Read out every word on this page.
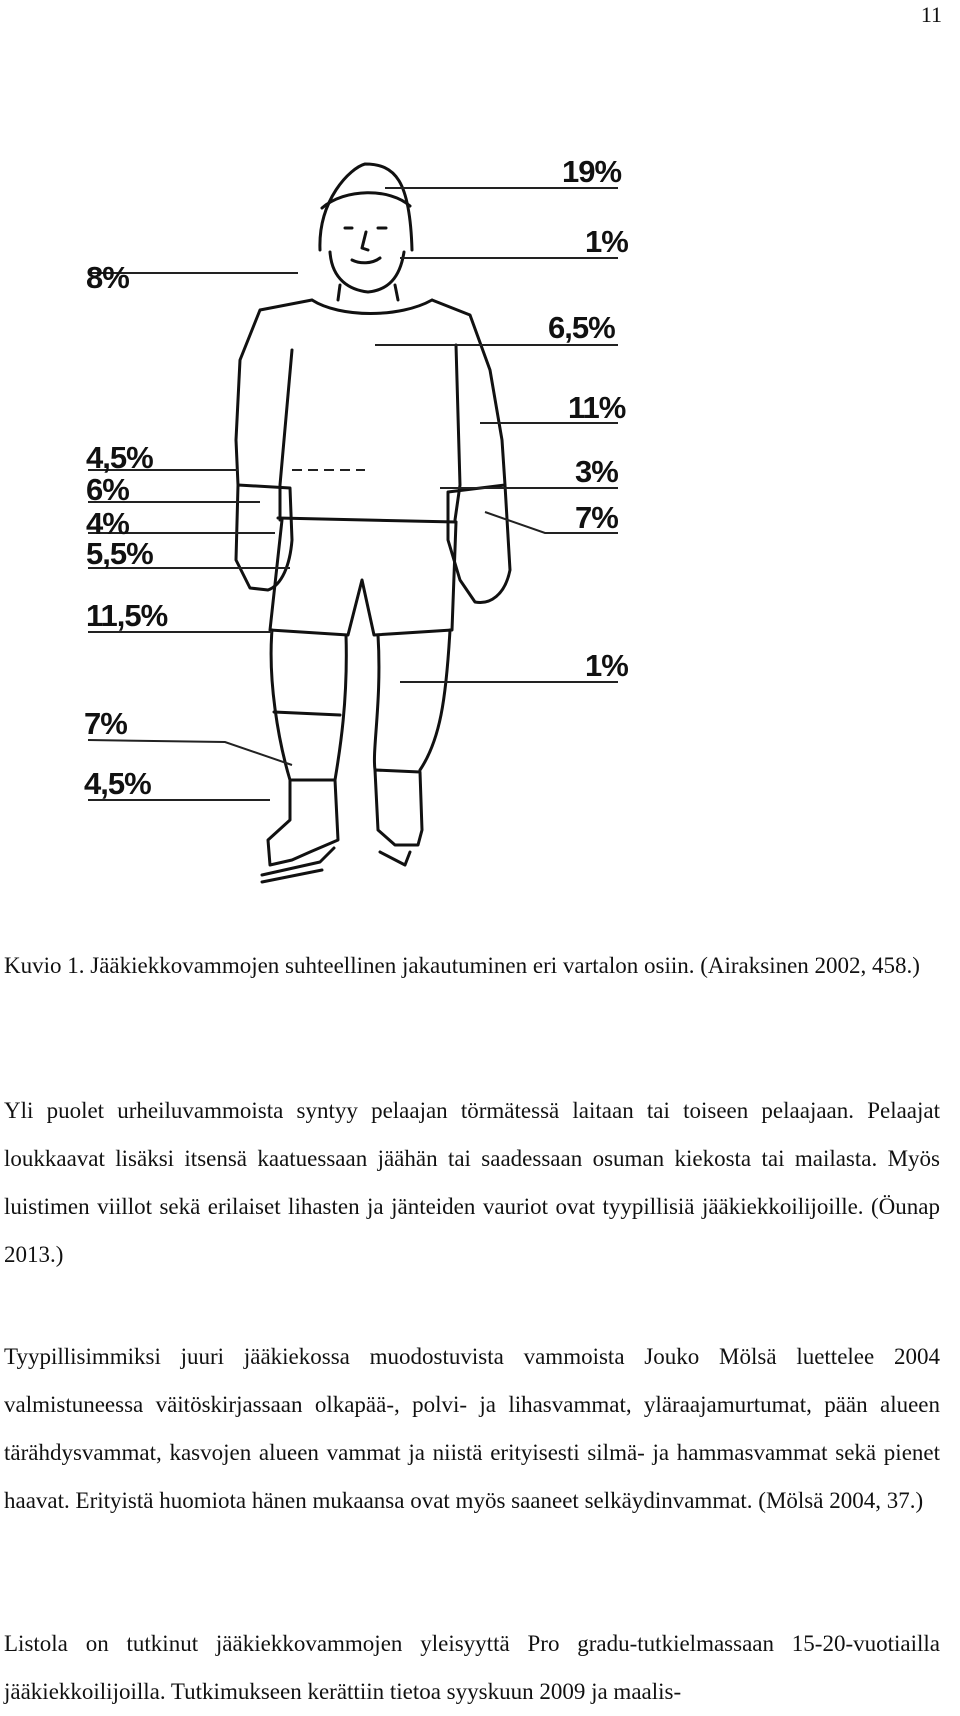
11
19%
1%
8%
6,5%
11%
4,5%	3%
6%
4%	7%
5,5%
11,5%
1%
7%
4,5%
Kuvio 1. Jääkiekkovammojen suhteellinen jakautuminen eri vartalon osiin. (Airaksinen 2002, 458.)
Yli puolet urheiluvammoista syntyy pelaajan törmätessä laitaan tai toiseen pelaajaan. Pelaajat loukkaavat lisäksi itsensä kaatuessaan jäähän tai saadessaan osuman kiekosta tai mailasta. Myös luistimen viillot sekä erilaiset lihasten ja jänteiden vauriot ovat tyypillisiä jääkiekkoilijoille. (Öunap 2013.)
Tyypillisimmiksi juuri jääkiekossa muodostuvista vammoista Jouko Mölsä luettelee 2004 valmistuneessa väitöskirjassaan olkapää-, polvi- ja lihasvammat, yläraajamurtumat, pään alueen tärähdysvammat, kasvojen alueen vammat ja niistä erityisesti silmä- ja hammasvammat sekä pienet haavat. Erityistä huomiota hänen mukaansa ovat myös saaneet selkäydinvammat. (Mölsä 2004, 37.)
Listola on tutkinut jääkiekkovammojen yleisyyttä Pro gradu-tutkielmassaan 15-20-vuotiailla jääkiekkoilijoilla. Tutkimukseen kerättiin tietoa syyskuun 2009 ja maalis-
